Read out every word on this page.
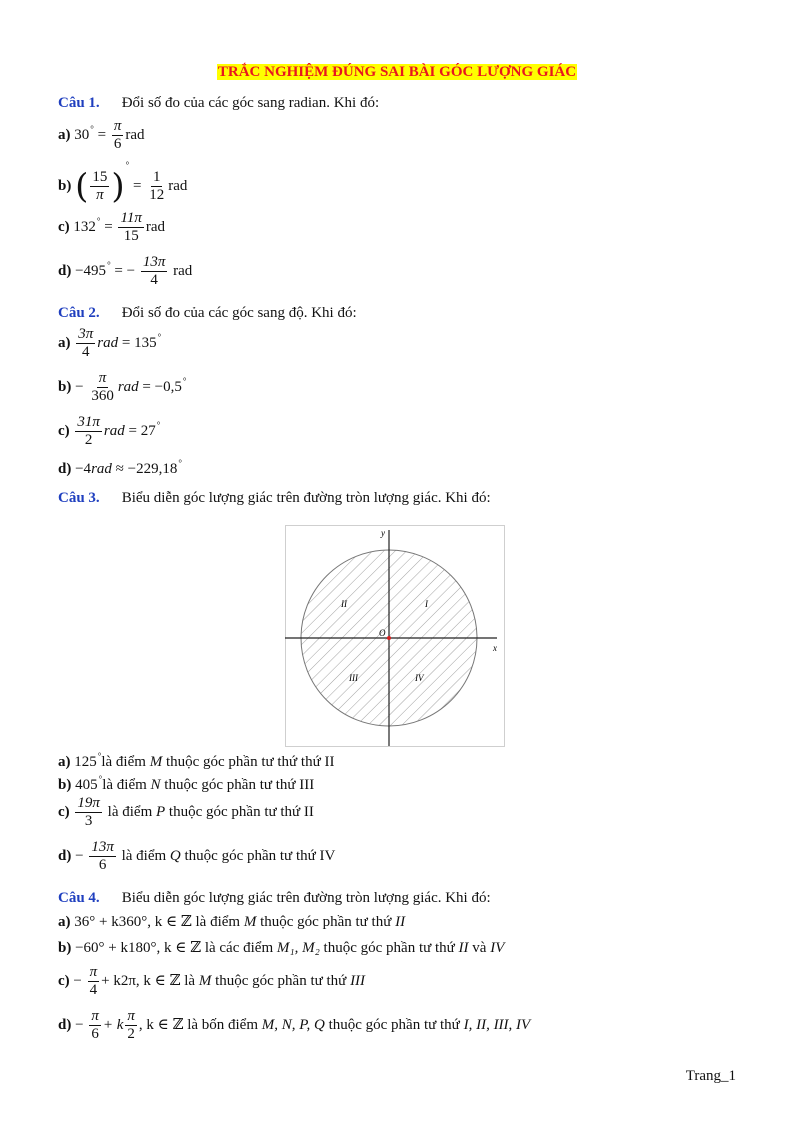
TRẮC NGHIỆM ĐÚNG SAI BÀI GÓC LƯỢNG GIÁC
Câu 1. Đổi số đo của các góc sang radian. Khi đó:
a) $30^\circ = \frac{\pi}{6}$ rad
b) ( $\frac{15}{\pi} )^\circ = \frac{1}{12}$ rad
c) $132^\circ = \frac{11\pi}{15}$ rad
d) −495° = − $\frac{13\pi}{4}$ rad
Câu 2. Đổi số đo của các góc sang độ. Khi đó:
$a) \frac{3\pi}{4}$ rad = 135°
$b) - \frac{\pi}{360}$ rad = −0,5°
$c) \frac{31\pi}{2}$ rad = 27°
d) −4rad ≈ −229,18°
Câu 3. Biểu diễn góc lượng giác trên đường tròn lượng giác. Khi đó:
y
x
O
I
II
III	IV
a) 125°là điểm M thuộc góc phần tư thứ thứ II
b) 405°là điểm N thuộc góc phần tư thứ III
$c) \frac{19\pi}{3}$ là điểm P thuộc góc phần tư thứ II
$d) - \frac{13\pi}{6}$ là điểm Q thuộc góc phần tư thứ IV
Câu 4. Biểu diễn góc lượng giác trên đường tròn lượng giác. Khi đó:
a) 36° + k360°, k ∈ ℤ là điểm M thuộc góc phần tư thứ II
b) −60° + k180°, k ∈ ℤ là các điểm M₁, M₂ thuộc góc phần tư thứ II và IV
$c) - \frac{\pi}{4} + k2\pi$, k ∈ ℤ là M thuộc góc phần tư thứ III
$d) - \frac{\pi}{6} + k \frac{\pi}{2}$ , k ∈ ℤ là bốn điểm M, N, P, Q thuộc góc phần tư thứ I, II, III, IV
Trang_1
